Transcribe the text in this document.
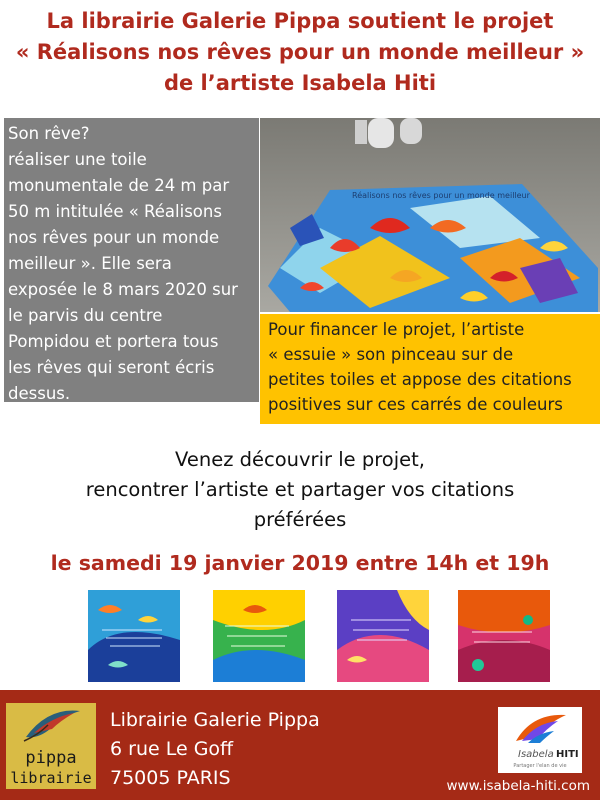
La librairie Galerie Pippa soutient le projet
« Réalisons nos rêves pour un monde meilleur »
de l’artiste Isabela Hiti
Son rêve?
réaliser une toile
monumentale de 24 m par
50 m intitulée « Réalisons
nos rêves pour un monde
meilleur ». Elle sera
exposée le 8 mars 2020 sur
le parvis du centre
Pompidou et portera tous
les rêves qui seront écris
dessus.
Réalisons nos rêves pour un monde meilleur
Pour financer le projet, l’artiste
« essuie » son pinceau sur de
petites toiles et appose des citations
positives sur ces carrés de couleurs
Venez découvrir le projet,
rencontrer l’artiste et partager vos citations
préférées
le samedi 19 janvier 2019 entre 14h et 19h
pippa
librairie
Librairie Galerie Pippa
6 rue Le Goff
75005 PARIS
Isabela HITI
Partager l'elan de vie
www.isabela-hiti.com
